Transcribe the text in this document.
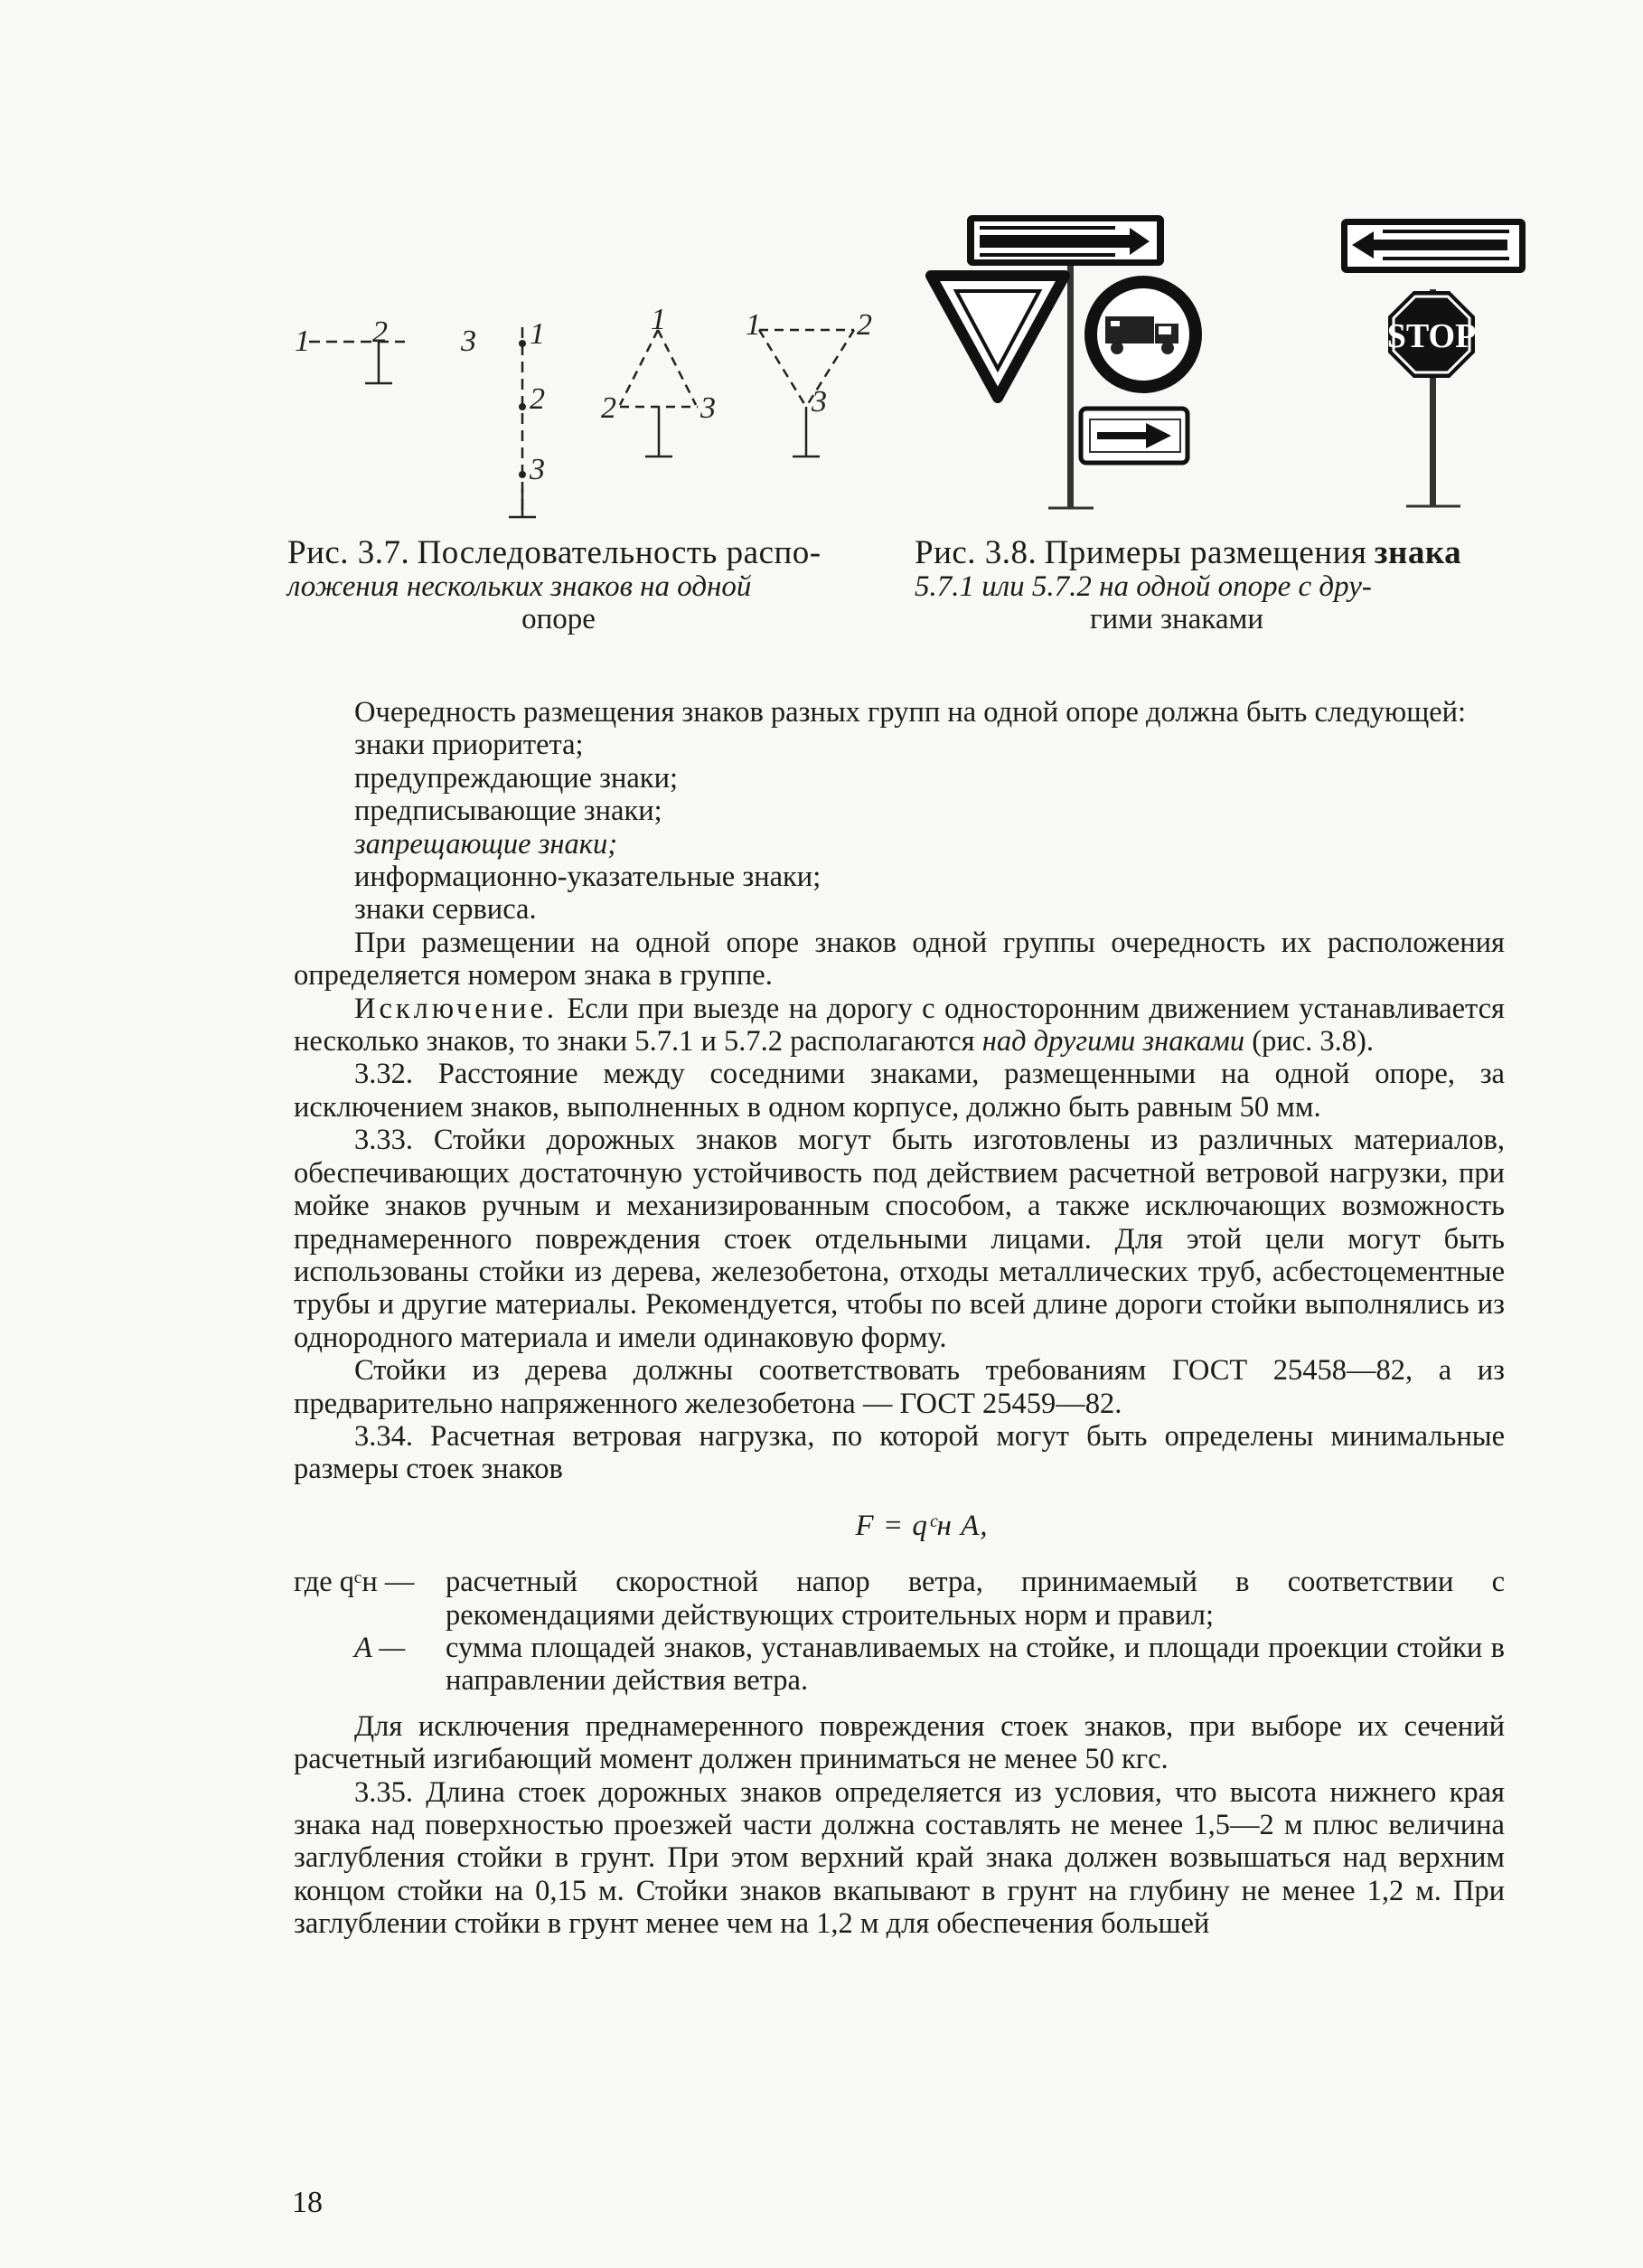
1 2 3 1
2
3
1
2	3
1	2
3
STOP
Рис. 3.7. Последовательность распо-
ложения нескольких знаков на одной

опоре
Рис. 3.8. Примеры размещения знака
5.7.1 или 5.7.2 на одной опоре с дру-

гими знаками

Очередность размещения знаков разных групп на одной опоре должна быть следующей:

знаки приоритета;

предупреждающие знаки;

предписывающие знаки;

запрещающие знаки;

информационно-указательные знаки;

знаки сервиса.

При размещении на одной опоре знаков одной группы очередность их расположения определяется номером знака в группе.

Исключение. Если при выезде на дорогу с односторонним движением устанавливается несколько знаков, то знаки 5.7.1 и 5.7.2 располагаются над другими знаками (рис. 3.8).

3.32. Расстояние между соседними знаками, размещенными на одной опоре, за исключением знаков, выполненных в одном корпусе, должно быть равным 50 мм.

3.33. Стойки дорожных знаков могут быть изготовлены из различных материалов, обеспечивающих достаточную устойчивость под действием расчетной ветровой нагрузки, при мойке знаков ручным и механизированным способом, а также исключающих возможность преднамеренного повреждения стоек отдельными лицами. Для этой цели могут быть использованы стойки из дерева, железобетона, отходы металлических труб, асбестоцементные трубы и другие материалы. Рекомендуется, чтобы по всей длине дороги стойки выполнялись из однородного материала и имели одинаковую форму.

Стойки из дерева должны соответствовать требованиям ГОСТ 25458—82, а из предварительно напряженного железобетона — ГОСТ 25459—82.

3.34. Расчетная ветровая нагрузка, по которой могут быть определены минимальные размеры стоек знаков

F = qᶜн A,

где qᶜн —	расчетный скоростной напор ветра, принимаемый в соответствии с рекомендациями действующих строительных норм и правил;

A —	сумма площадей знаков, устанавливаемых на стойке, и площади проекции стойки в направлении действия ветра.

Для исключения преднамеренного повреждения стоек знаков, при выборе их сечений расчетный изгибающий момент должен приниматься не менее 50 кгс.

3.35. Длина стоек дорожных знаков определяется из условия, что высота нижнего края знака над поверхностью проезжей части должна составлять не менее 1,5—2 м плюс величина заглубления стойки в грунт. При этом верхний край знака должен возвышаться над верхним концом стойки на 0,15 м. Стойки знаков вкапывают в грунт на глубину не менее 1,2 м. При заглублении стойки в грунт менее чем на 1,2 м для обеспечения большей

18
